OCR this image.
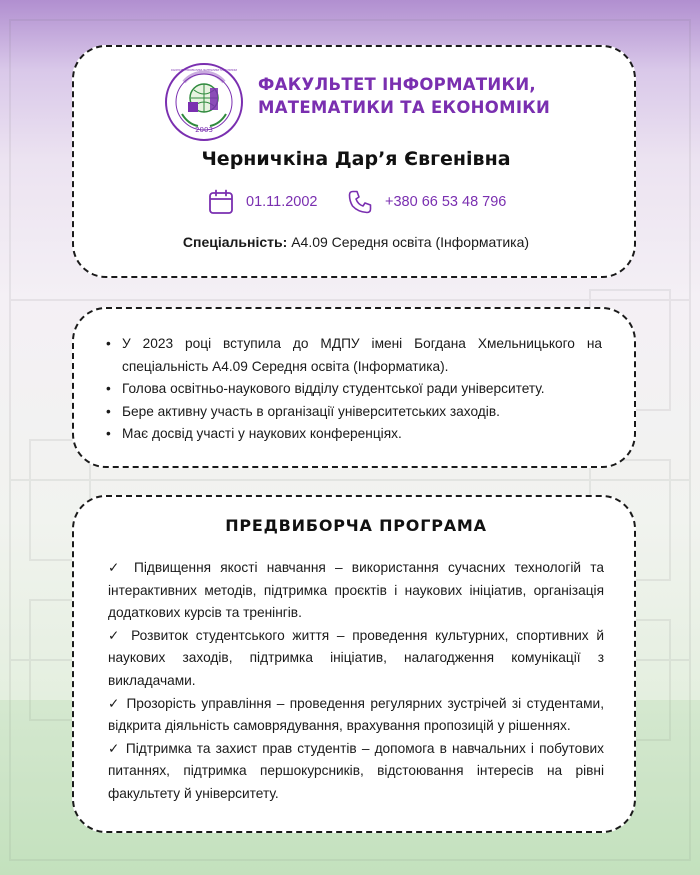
2003
ФАКУЛЬТЕТ ІНФОРМАТИКИ, МАТЕМАТИКИ ТА ЕКОНОМІКИ
ФАКУЛЬТЕТ ІНФОРМАТИКИ,
МАТЕМАТИКИ ТА ЕКОНОМІКИ
Черничкіна Дар’я Євгенівна
01.11.2002	+380 66 53 48 796
Спеціальність: А4.09 Середня освіта (Інформатика)
• У 2023 році вступила до МДПУ імені Богдана Хмельницького на спеціальність А4.09 Середня освіта (Інформатика).
• Голова освітньо-наукового відділу студентської ради університету.
• Бере активну участь в організації університетських заходів.
• Має досвід участі у наукових конференціях.
ПРЕДВИБОРЧА ПРОГРАМА

✓ Підвищення якості навчання – використання сучасних технологій та інтерактивних методів, підтримка проєктів і наукових ініціатив, організація додаткових курсів та тренінгів.

✓ Розвиток студентського життя – проведення культурних, спортивних й наукових заходів, підтримка ініціатив, налагодження комунікації з викладачами.

✓ Прозорість управління – проведення регулярних зустрічей зі студентами, відкрита діяльність самоврядування, врахування пропозицій у рішеннях.

✓ Підтримка та захист прав студентів – допомога в навчальних і побутових питаннях, підтримка першокурсників, відстоювання інтересів на рівні факультету й університету.
